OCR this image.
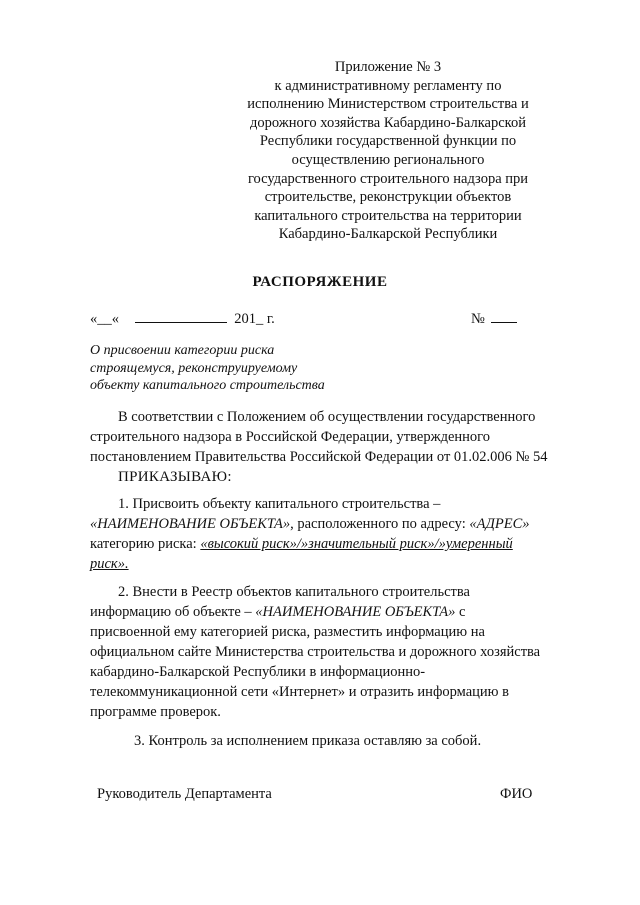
Приложение № 3
к административному регламенту по
исполнению Министерством строительства и
дорожного хозяйства Кабардино-Балкарской
Республики государственной функции по
осуществлению регионального
государственного строительного надзора при
строительстве, реконструкции объектов
капитального строительства на территории
Кабардино-Балкарской Республики
РАСПОРЯЖЕНИЕ
«__«	201_ г.	№
О присвоении категории риска
строящемуся, реконструируемому
объекту капитального строительства
В соответствии с Положением об осуществлении государственного
строительного надзора в Российской Федерации, утвержденного
постановлением Правительства Российской Федерации от 01.02.006 № 54
ПРИКАЗЫВАЮ:
1. Присвоить объекту капитального строительства –
«НАИМЕНОВАНИЕ ОБЪЕКТА», расположенного по адресу: «АДРЕС»
категорию риска: «высокий риск»/»значительный риск»/»умеренный
риск».
2. Внести в Реестр объектов капитального строительства
информацию об объекте – «НАИМЕНОВАНИЕ ОБЪЕКТА» с
присвоенной ему категорией риска, разместить информацию на
официальном сайте Министерства строительства и дорожного хозяйства
кабардино-Балкарской Республики в информационно-
телекоммуникационной сети «Интернет» и отразить информацию в
программе проверок.
3. Контроль за исполнением приказа оставляю за собой.
Руководитель Департамента	ФИО
